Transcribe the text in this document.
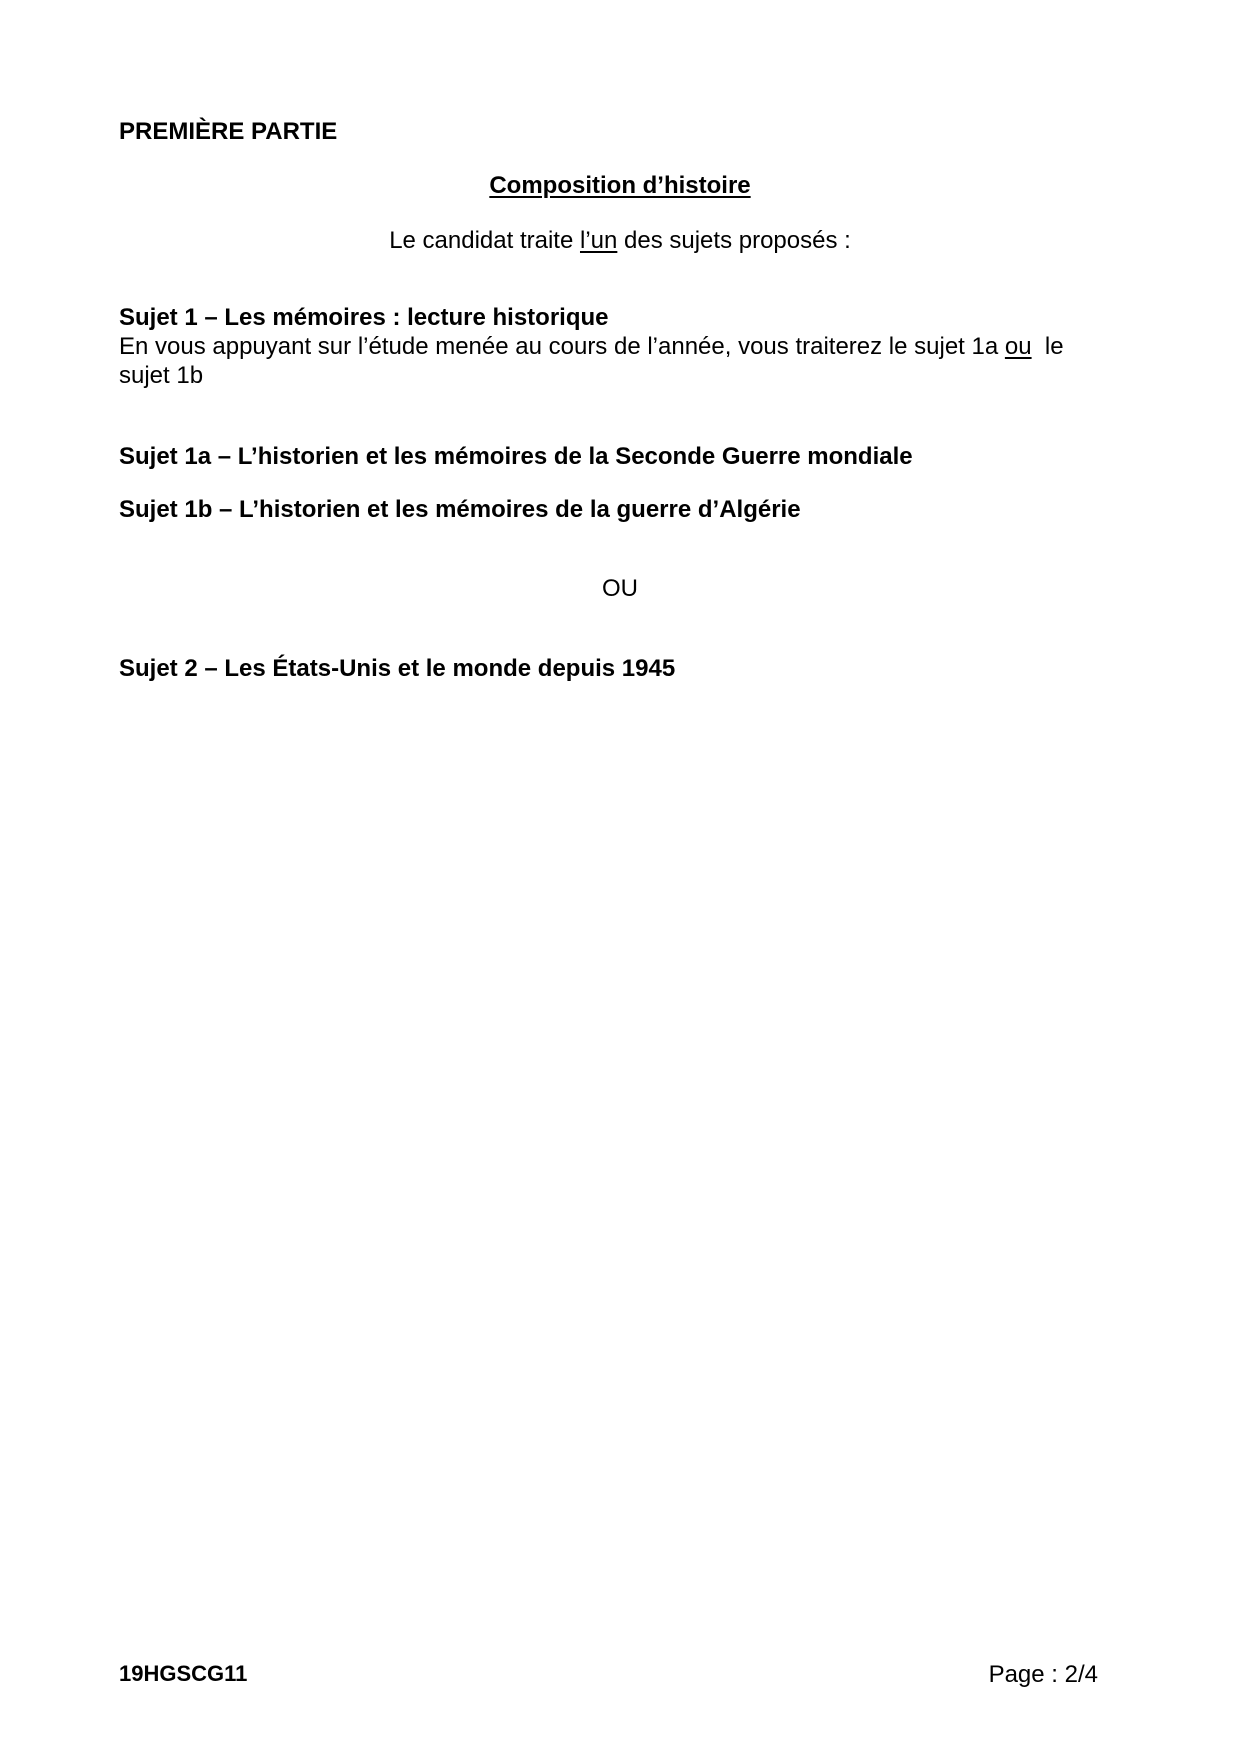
PREMIÈRE PARTIE

Composition d’histoire

Le candidat traite l’un des sujets proposés :

Sujet 1 – Les mémoires : lecture historique
En vous appuyant sur l’étude menée au cours de l’année, vous traiterez le sujet 1a ou  le sujet 1b

Sujet 1a – L’historien et les mémoires de la Seconde Guerre mondiale

Sujet 1b – L’historien et les mémoires de la guerre d’Algérie

OU

Sujet 2 – Les États-Unis et le monde depuis 1945

19HGSCG11	Page : 2/4
